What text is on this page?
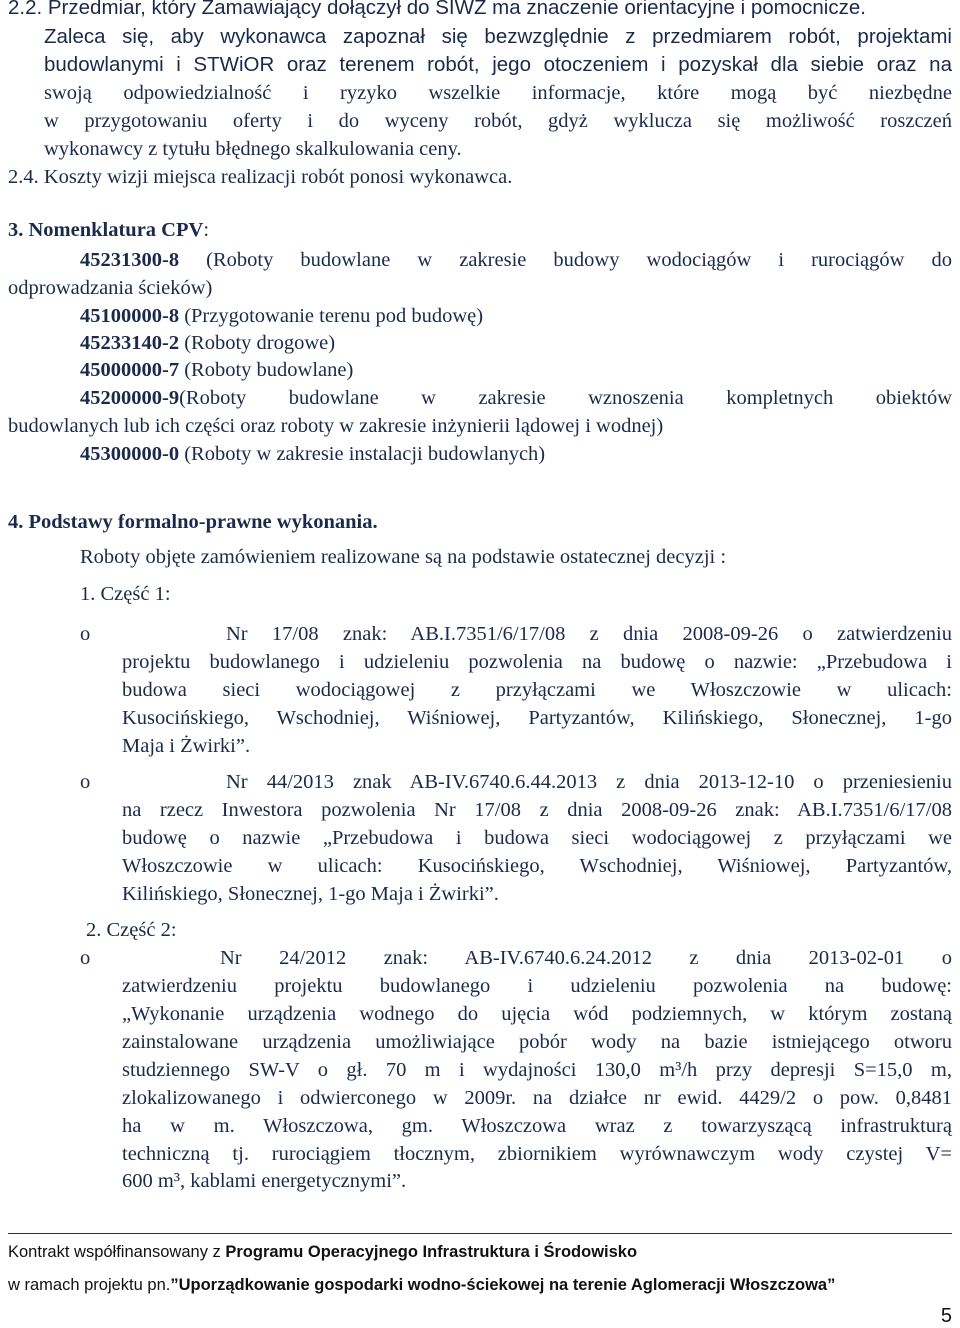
2.2. Przedmiar, który Zamawiający dołączył do SIWZ ma znaczenie orientacyjne i pomocnicze.
Zaleca się, aby wykonawca zapoznał się bezwzględnie z przedmiarem robót, projektami
budowlanymi i STWiOR oraz terenem robót, jego otoczeniem i pozyskał dla siebie oraz na
swoją odpowiedzialność i ryzyko wszelkie informacje, które mogą być niezbędne
w przygotowaniu oferty i do wyceny robót, gdyż wyklucza się możliwość roszczeń
wykonawcy z tytułu błędnego skalkulowania ceny.
2.4. Koszty wizji miejsca realizacji robót ponosi wykonawca.
3. Nomenklatura CPV:
45231300-8 (Roboty budowlane w zakresie budowy wodociągów i rurociągów do
odprowadzania ścieków)
45100000-8 (Przygotowanie terenu pod budowę)
45233140-2 (Roboty drogowe)
45000000-7 (Roboty budowlane)
45200000-9(Roboty budowlane w zakresie wznoszenia kompletnych obiektów
budowlanych lub ich części oraz roboty w zakresie inżynierii lądowej i wodnej)
45300000-0 (Roboty w zakresie instalacji budowlanych)
4. Podstawy formalno-prawne wykonania.
Roboty objęte zamówieniem realizowane są na podstawie ostatecznej decyzji :
1. Część 1:
o	Nr 17/08 znak: AB.I.7351/6/17/08 z dnia 2008-09-26 o zatwierdzeniu
projektu budowlanego i udzieleniu pozwolenia na budowę o nazwie: „Przebudowa i
budowa sieci wodociągowej z przyłączami we Włoszczowie w ulicach:
Kusocińskiego, Wschodniej, Wiśniowej, Partyzantów, Kilińskiego, Słonecznej, 1-go
Maja i Żwirki”.
o	Nr 44/2013 znak AB-IV.6740.6.44.2013 z dnia 2013-12-10 o przeniesieniu
na rzecz Inwestora pozwolenia Nr 17/08 z dnia 2008-09-26 znak: AB.I.7351/6/17/08
budowę o nazwie „Przebudowa i budowa sieci wodociągowej z przyłączami we
Włoszczowie w ulicach: Kusocińskiego, Wschodniej, Wiśniowej, Partyzantów,
Kilińskiego, Słonecznej, 1-go Maja i Żwirki”.
2. Część 2:
o	Nr 24/2012 znak: AB-IV.6740.6.24.2012 z dnia 2013-02-01 o
zatwierdzeniu projektu budowlanego i udzieleniu pozwolenia na budowę:
„Wykonanie urządzenia wodnego do ujęcia wód podziemnych, w którym zostaną
zainstalowane urządzenia umożliwiające pobór wody na bazie istniejącego otworu
studziennego SW-V o gł. 70 m i wydajności 130,0 m³/h przy depresji S=15,0 m,
zlokalizowanego i odwierconego w 2009r. na działce nr ewid. 4429/2 o pow. 0,8481
ha w m. Włoszczowa, gm. Włoszczowa wraz z towarzyszącą infrastrukturą
techniczną tj. rurociągiem tłocznym, zbiornikiem wyrównawczym wody czystej V=
600 m³, kablami energetycznymi”.
Kontrakt współfinansowany z Programu Operacyjnego Infrastruktura i Środowisko
w ramach projektu pn.”Uporządkowanie gospodarki wodno-ściekowej na terenie Aglomeracji Włoszczowa”
5
